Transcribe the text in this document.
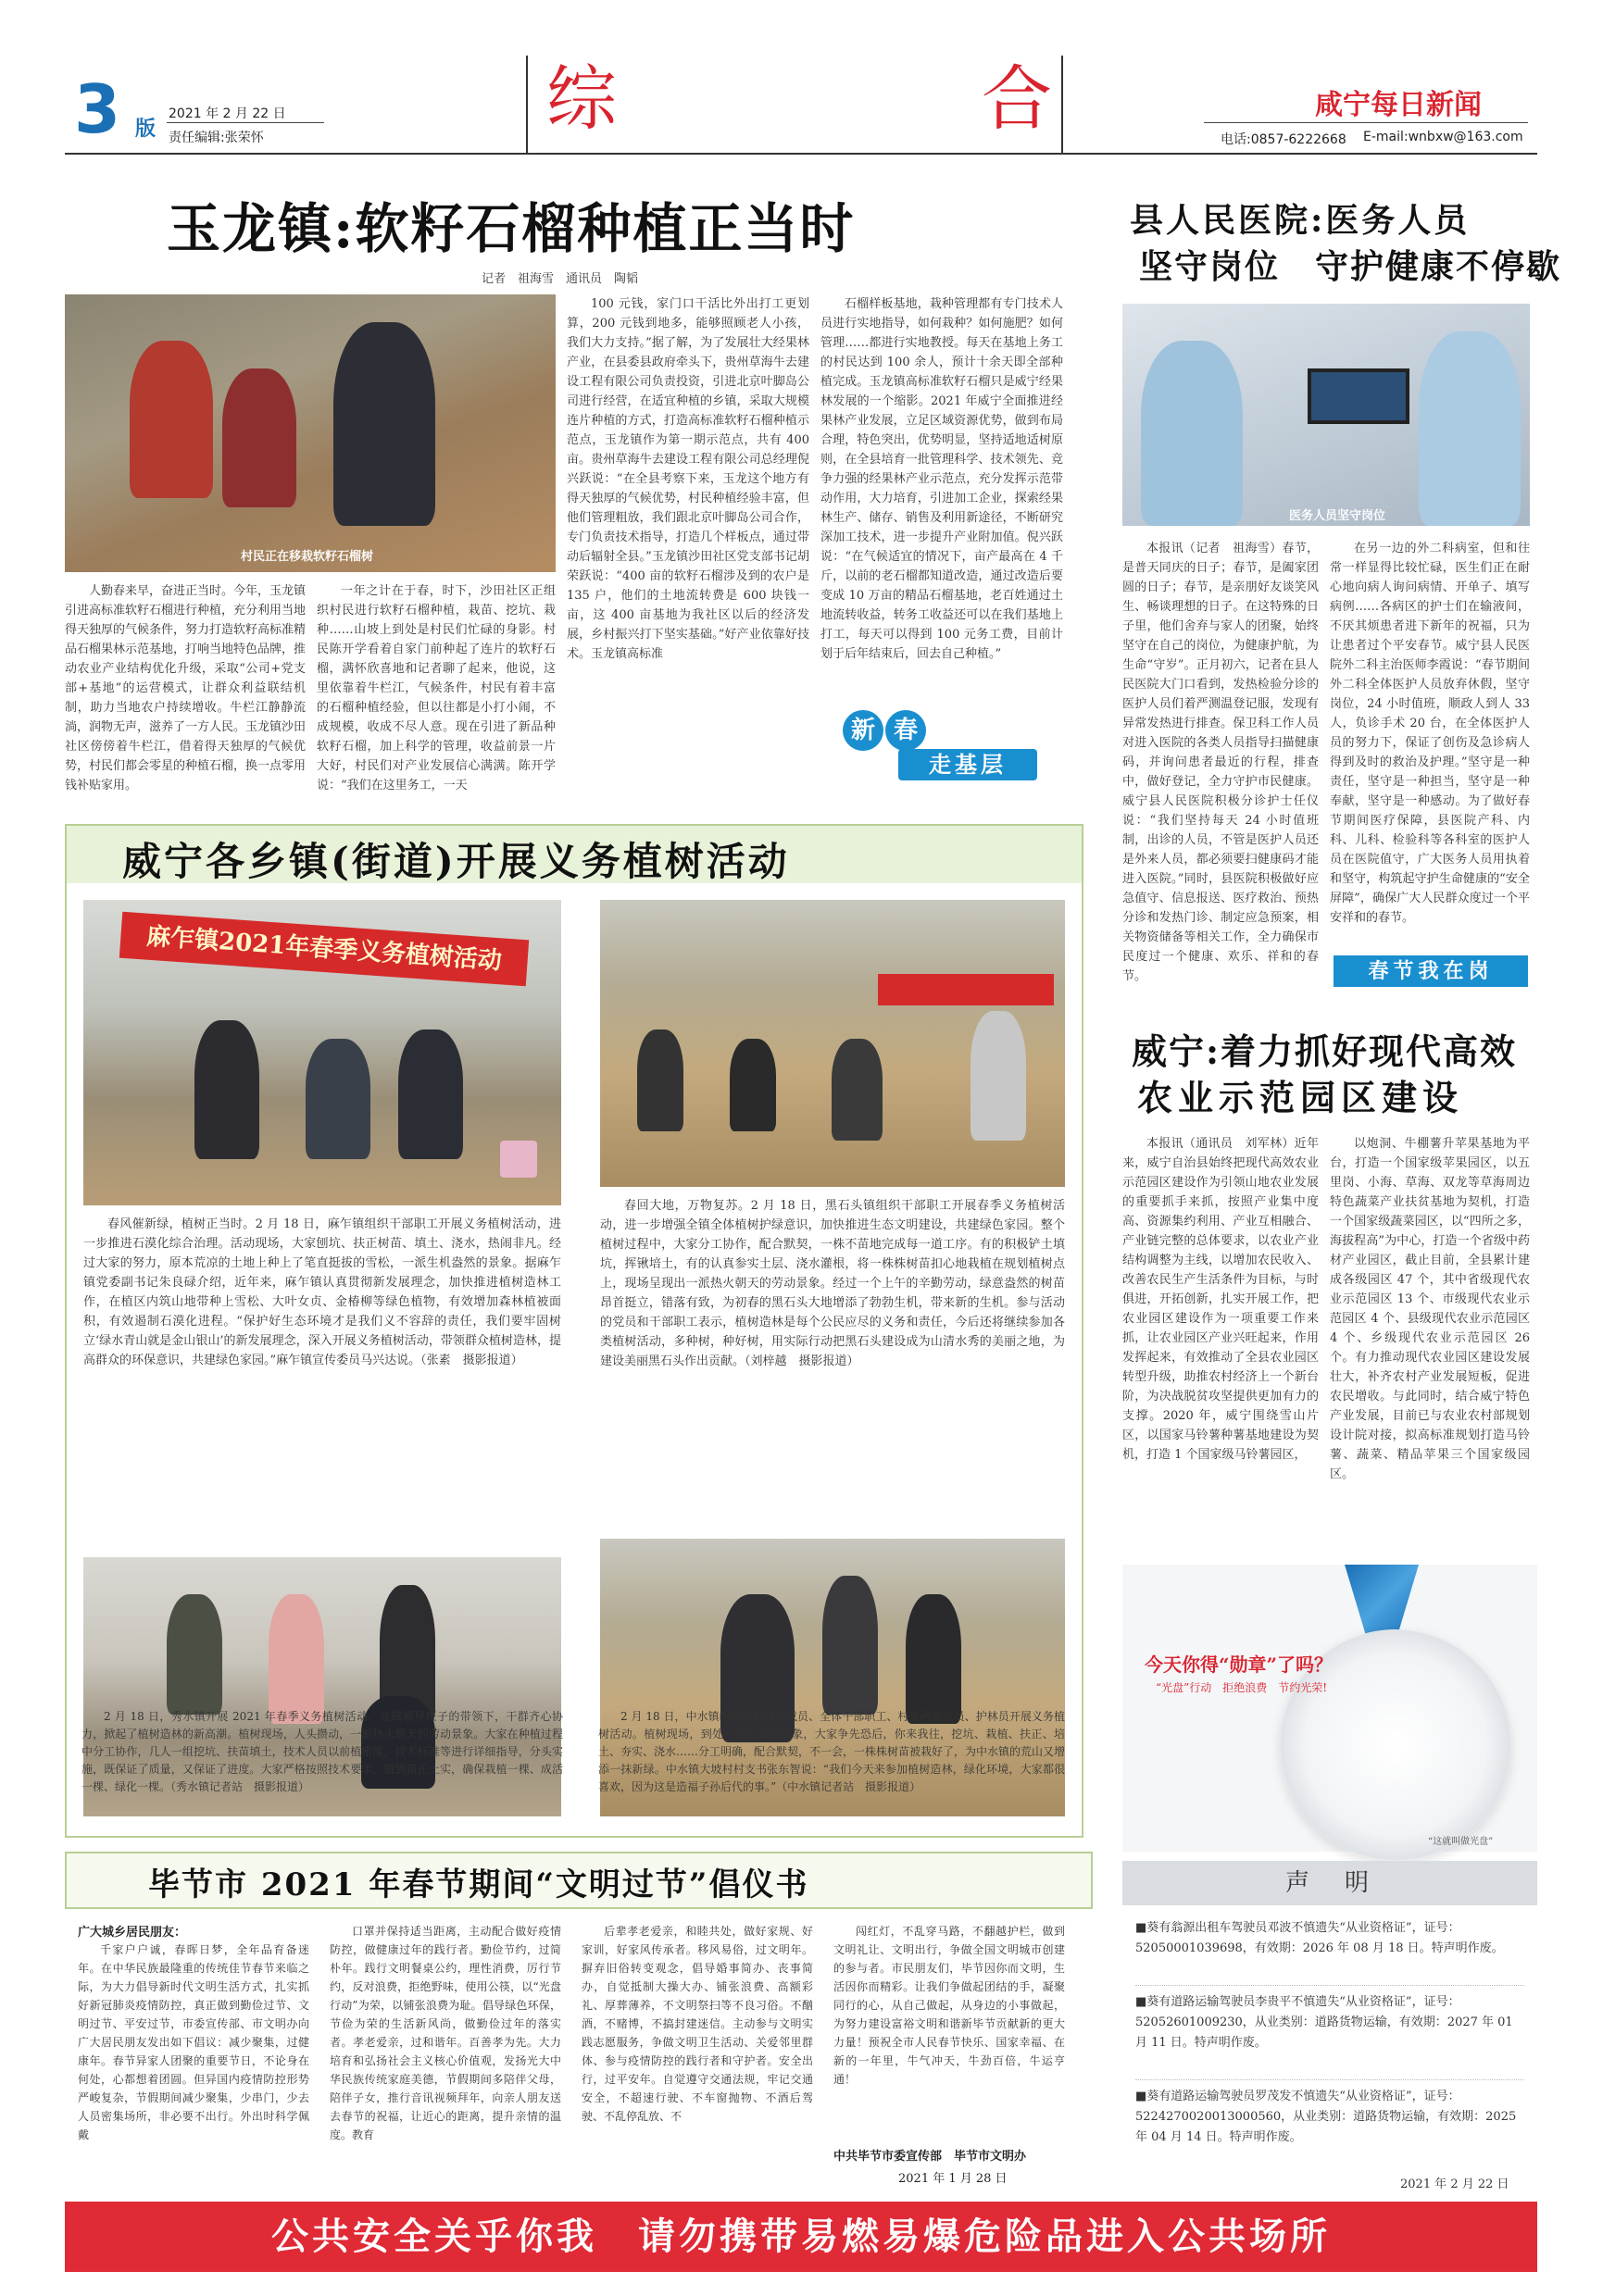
3 版
2021 年 2 月 22 日
责任编辑:张荣怀	综	合	咸宁每日新闻
电话:0857-6222668 E-mail:wnbxw@163.com
玉龙镇:软籽石榴种植正当时
记者　祖海雪　通讯员　陶韬
村民正在移栽软籽石榴树
人勤春来早，奋进正当时。今年，玉龙镇引进高标准软籽石榴进行种植，充分利用当地得天独厚的气候条件，努力打造软籽高标准精品石榴果林示范基地，打响当地特色品牌，推动农业产业结构优化升级，采取“公司+党支部+基地”的运营模式，让群众利益联结机制，助力当地农户持续增收。牛栏江静静流淌，润物无声，滋养了一方人民。玉龙镇沙田社区傍傍着牛栏江，借着得天独厚的气候优势，村民们都会零星的种植石榴，换一点零用钱补贴家用。
一年之计在于春，时下，沙田社区正组织村民进行软籽石榴种植，栽苗、挖坑、栽种……山坡上到处是村民们忙碌的身影。村民陈开学看着自家门前种起了连片的软籽石榴，满怀欣喜地和记者聊了起来，他说，这里依靠着牛栏江，气候条件，村民有着丰富的石榴种植经验，但以往都是小打小闹，不成规模，收成不尽人意。现在引进了新品种软籽石榴，加上科学的管理，收益前景一片大好，村民们对产业发展信心满满。陈开学说：“我们在这里务工，一天
100 元钱，家门口干活比外出打工更划算，200 元钱到地多，能够照顾老人小孩，我们大力支持。”据了解，为了发展壮大经果林产业，在县委县政府牵头下，贵州草海牛去建设工程有限公司负责投资，引进北京叶脚岛公司进行经营，在适宜种植的乡镇，采取大规模连片种植的方式，打造高标准软籽石榴种植示范点，玉龙镇作为第一期示范点，共有 400 亩。贵州草海牛去建设工程有限公司总经理倪兴跃说：“在全县考察下来，玉龙这个地方有得天独厚的气候优势，村民种植经验丰富，但他们管理粗放，我们跟北京叶脚岛公司合作，专门负责技术指导，打造几个样板点，通过带动后辐射全县。”玉龙镇沙田社区党支部书记胡荣跃说：“400 亩的软籽石榴涉及到的农户是 135 户，他们的土地流转费是 600 块钱一亩，这 400 亩基地为我社区以后的经济发展，乡村振兴打下坚实基础。”好产业依靠好技术。玉龙镇高标准
石榴样板基地，栽种管理都有专门技术人员进行实地指导，如何栽种？如何施肥？如何管理……都进行实地教授。每天在基地上务工的村民达到 100 余人，预计十余天即全部种植完成。玉龙镇高标准软籽石榴只是威宁经果林发展的一个缩影。2021 年威宁全面推进经果林产业发展，立足区域资源优势，做到布局合理，特色突出，优势明显，坚持适地适树原则，在全县培育一批管理科学、技术领先、竞争力强的经果林产业示范点，充分发挥示范带动作用，大力培育，引进加工企业，探索经果林生产、储存、销售及利用新途径，不断研究深加工技术，进一步提升产业附加值。倪兴跃说：“在气候适宜的情况下，亩产最高在 4 千斤，以前的老石榴都知道改造，通过改造后要变成 10 万亩的精品石榴基地，老百姓通过土地流转收益，转务工收益还可以在我们基地上打工，每天可以得到 100 元务工费，目前计划于后年结束后，回去自己种植。”
新 春
走基层
县人民医院:医务人员
坚守岗位　守护健康不停歇
医务人员坚守岗位
本报讯（记者　祖海雪）春节，是普天同庆的日子；春节，是阖家团圆的日子；春节，是亲朋好友谈笑风生、畅谈理想的日子。在这特殊的日子里，他们舍弃与家人的团聚，始终坚守在自己的岗位，为健康护航，为生命“守岁”。正月初六，记者在县人民医院大门口看到，发热检验分诊的医护人员们着严测温登记服，发现有异常发热进行排查。保卫科工作人员对进入医院的各类人员指导扫描健康码，并询问患者最近的行程，排查中，做好登记，全力守护市民健康。威宁县人民医院积极分诊护士任仪说：“我们坚持每天 24 小时值班制，出诊的人员，不管是医护人员还是外来人员，都必须要扫健康码才能进入医院。”同时，县医院积极做好应急值守、信息报送、医疗救治、预热分诊和发热门诊、制定应急预案，相关物资储备等相关工作，全力确保市民度过一个健康、欢乐、祥和的春节。
在另一边的外二科病室，但和往常一样显得比较忙碌，医生们正在耐心地向病人询问病情、开单子、填写病例……各病区的护士们在输液间，不厌其烦患者进下新年的祝福，只为让患者过个平安春节。威宁县人民医院外二科主治医师李霞说：“春节期间外二科全体医护人员放弃休假，坚守岗位，24 小时值班，顺政人到人 33 人，负诊手术 20 台，在全体医护人员的努力下，保证了创伤及急诊病人得到及时的救治及护理。”坚守是一种责任，坚守是一种担当，坚守是一种奉献，坚守是一种感动。为了做好春节期间医疗保障，县医院产科、内科、儿科、检验科等各科室的医护人员在医院值守，广大医务人员用执着和坚守，构筑起守护生命健康的“安全屏障”，确保广大人民群众度过一个平安祥和的春节。
春节我在岗
威宁各乡镇(街道)开展义务植树活动
麻乍镇2021年春季义务植树活动
春风催新绿，植树正当时。2 月 18 日，麻乍镇组织干部职工开展义务植树活动，进一步推进石漠化综合治理。活动现场，大家刨坑、扶正树苗、填土、浇水，热闹非凡。经过大家的努力，原本荒凉的土地上种上了笔直挺拔的雪松，一派生机盎然的景象。据麻乍镇党委副书记朱良碌介绍，近年来，麻乍镇认真贯彻新发展理念，加快推进植树造林工作，在植区内筑山地带种上雪松、大叶女贞、金椿柳等绿色植物，有效增加森林植被面积，有效遏制石漠化进程。“保护好生态环境才是我们义不容辞的责任，我们要牢固树立‘绿水青山就是金山银山’的新发展理念，深入开展义务植树活动，带领群众植树造林，提高群众的环保意识，共建绿色家园。”麻乍镇宣传委员马兴达说。（张素　摄影报道）
春回大地，万物复苏。2 月 18 日，黑石头镇组织干部职工开展春季义务植树活动，进一步增强全镇全体植树护绿意识，加快推进生态文明建设，共建绿色家园。整个植树过程中，大家分工协作，配合默契，一株不苗地完成每一道工序。有的积极铲土填坑，挥锹培土，有的认真参实土层、浇水灌根，将一株株树苗扣心地栽植在规划植树点上，现场呈现出一派热火朝天的劳动景象。经过一个上午的辛勤劳动，绿意盎然的树苗昂首挺立，错落有致，为初春的黑石头大地增添了勃勃生机，带来新的生机。参与活动的党员和干部职工表示，植树造林是每个公民应尽的义务和责任，今后还将继续参加各类植树活动，多种树，种好树，用实际行动把黑石头建设成为山清水秀的美丽之地，为建设美丽黑石头作出贡献。（刘梓越　摄影报道）
2 月 18 日，秀水镇开展 2021 年春季义务植树活动，在镇领导班子的带领下，干群齐心协力，掀起了植树造林的新高潮。植树现场，人头攒动，一派热火朝天的劳动景象。大家在种植过程中分工协作，几人一组挖坑、扶苗填土，技术人员以前植密度，技术标准等进行详细指导，分头实施，既保证了质量，又保证了进度。大家严格按照技术要求，做到苗正土实，确保栽植一棵、成活一棵、绿化一棵。（秀水镇记者站　摄影报道）
2 月 18 日，中水镇组织党政班子成员、全体干部职工、村支两委成员、护林员开展义务植树活动。植树现场，到处一片忙碌的景象，大家争先恐后，你来我往，挖坑、栽植、扶正、培土、夯实、浇水……分工明确，配合默契，不一会，一株株树苗被栽好了，为中水镇的荒山又增添一抹新绿。中水镇大坡村村支书张东智说：“我们今天来参加植树造林，绿化环境，大家都很喜欢，因为这是造福子孙后代的事。”（中水镇记者站　摄影报道）
威宁:着力抓好现代高效
农业示范园区建设
本报讯（通讯员　刘军林）近年来，威宁自治县始终把现代高效农业示范园区建设作为引领山地农业发展的重要抓手来抓，按照产业集中度高、资源集约利用、产业互相融合、产业链完整的总体要求，以农业产业结构调整为主线，以增加农民收入、改善农民生产生活条件为目标，与时俱进，开拓创新，扎实开展工作，把农业园区建设作为一项重要工作来抓，让农业园区产业兴旺起来，作用发挥起来，有效推动了全县农业园区转型升级，助推农村经济上一个新台阶，为决战脱贫攻坚提供更加有力的支撑。2020 年，威宁围绕雪山片区，以国家马铃薯种薯基地建设为契机，打造 1 个国家级马铃薯园区，
以炮洞、牛棚薯升苹果基地为平台，打造一个国家级苹果园区，以五里岗、小海、草海、双龙等草海周边特色蔬菜产业扶贫基地为契机，打造一个国家级蔬菜园区，以“四所之多，海拔程高”为中心，打造一个省级中药材产业园区，截止目前，全县累计建成各级园区 47 个，其中省级现代农业示范园区 13 个、市级现代农业示范园区 4 个、县级现代农业示范园区 4 个、乡级现代农业示范园区 26 个。有力推动现代农业园区建设发展壮大，补齐农村产业发展短板，促进农民增收。与此同时，结合威宁特色产业发展，目前已与农业农村部规划设计院对接，拟高标准规划打造马铃薯、蔬菜、精品苹果三个国家级园区。
今天你得“勋章”了吗？
“光盘”行动　拒绝浪费　节约光荣!
“这就叫做光盘”
毕节市 2021 年春节期间“文明过节”倡仪书
广大城乡居民朋友：
千家户户诚，春晖日梦，全年品育备迷年。在中华民族最隆重的传统佳节春节来临之际，为大力倡导新时代文明生活方式，扎实抓好新冠肺炎疫情防控，真正做到勤俭过节、文明过节、平安过节，市委宣传部、市文明办向广大居民朋友发出如下倡议：减少聚集，过健康年。春节异家人团聚的重要节日，不论身在何处，心都想着团圆。但异国内疫情防控形势严峻复杂，节假期间减少聚集，少串门，少去人员密集场所，非必要不出行。外出时科学佩戴
口罩并保持适当距离，主动配合做好疫情防控，做健康过年的践行者。勤俭节约，过简朴年。践行文明餐桌公约，理性消费，厉行节约，反对浪费，拒绝野味，使用公筷，以“光盘行动”为荣，以铺张浪费为耻。倡导绿色环保，节俭为荣的生活新风尚，做勤俭过年的落实者。孝老爱亲，过和谐年。百善孝为先。大力培育和弘扬社会主义核心价值观，发扬光大中华民族传统家庭美德，节假期间多陪伴父母，陪伴子女，推行音讯视频拜年，向亲人朋友送去春节的祝福，让近心的距离，提升亲情的温度。教育
后辈孝老爱亲，和睦共处，做好家规、好家训，好家风传承者。移风易俗，过文明年。摒弃旧俗转变观念，倡导婚事简办、丧事简办，自觉抵制大操大办、铺张浪费、高额彩礼、厚葬薄养，不文明祭扫等不良习俗。不酗酒，不赌博，不搞封建迷信。主动参与文明实践志愿服务，争做文明卫生活动、关爱邻里群体、参与疫情防控的践行者和守护者。安全出行，过平安年。自觉遵守交通法规，牢记交通安全，不超速行驶、不车窗抛物、不酒后驾驶、不乱停乱放、不
闯红灯，不乱穿马路，不翻越护栏，做到文明礼让、文明出行，争做全国文明城市创建的参与者。市民朋友们，毕节因你而文明，生活因你而精彩。让我们争做起团结的手，凝聚同行的心，从自己做起，从身边的小事做起，为努力建设富裕文明和谐新毕节贡献新的更大力量！预祝全市人民春节快乐、国家幸福、在新的一年里，牛气冲天，牛劲百倍，牛运亨通！
中共毕节市委宣传部　毕节市文明办
2021 年 1 月 28 日
声　明
■葵有翁源出租车驾驶员邓波不慎遗失“从业资格证”，证号：520500010396​98，有效期：2026 年 08 月 18 日。特声明作废。
■葵有道路运输驾驶员李贵平不慎遗失“从业资格证”，证号：520526010092​30，从业类别：道路货物运输，有效期：2027 年 01 月 11 日。特声明作废。
■葵有道路运输驾驶员罗茂发不慎遗失“从业资格证”，证号：522427002001​30005​60，从业类别：道路货物运输，有效期：2025 年 04 月 14 日。特声明作废。
2021 年 2 月 22 日
公共安全关乎你我　请勿携带易燃易爆危险品进入公共场所
